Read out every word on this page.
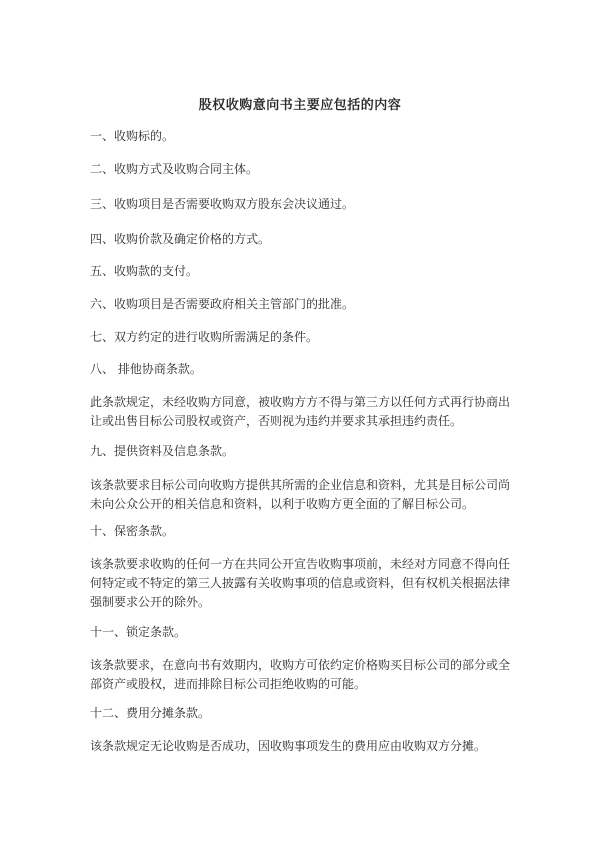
股权收购意向书主要应包括的内容
一、收购标的。
二、收购方式及收购合同主体。
三、收购项目是否需要收购双方股东会决议通过。
四、收购价款及确定价格的方式。
五、收购款的支付。
六、收购项目是否需要政府相关主管部门的批准。
七、双方约定的进行收购所需满足的条件。
八、 排他协商条款。
此条款规定，未经收购方同意，被收购方方不得与第三方以任何方式再行协商出让或出售目标公司股权或资产，否则视为违约并要求其承担违约责任。
九、提供资料及信息条款。
该条款要求目标公司向收购方提供其所需的企业信息和资料，尤其是目标公司尚未向公众公开的相关信息和资料，以利于收购方更全面的了解目标公司。
十、保密条款。
该条款要求收购的任何一方在共同公开宣告收购事项前，未经对方同意不得向任何特定或不特定的第三人披露有关收购事项的信息或资料，但有权机关根据法律强制要求公开的除外。
十一、锁定条款。
该条款要求，在意向书有效期内，收购方可依约定价格购买目标公司的部分或全部资产或股权，进而排除目标公司拒绝收购的可能。
十二、费用分摊条款。
该条款规定无论收购是否成功，因收购事项发生的费用应由收购双方分摊。
